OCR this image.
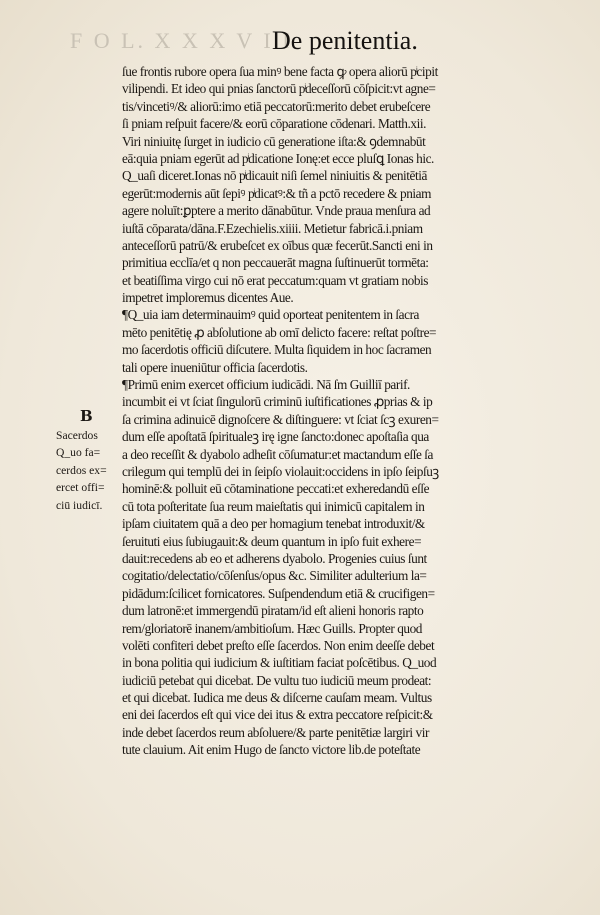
F O L. X X X V I I
De penitentia.
B
Sacerdos
Q_uo fa=
cerdos ex=
ercet offi=
ciū iudicī.
ſue frontis rubore opera ſua minꝰ bene facta ꝙ opera aliorū pͥcipit
vilipendi. Et ideo qui pnias ſanctorū pͥdeceſſorū cōſpicit:vt agne=
tis/vincetiꝰ/& aliorū:imo etiā peccatorū:merito debet erubeſcere
ſi pniam reſpuit facere/& eorū cōparatione cōdenari. Matth.xii.
Viri niniuitę ſurget in iudicio cū generatione iſta:& ꝯdemnabūt
eā:quia pniam egerūt ad pͥdicatione Ionę:et ecce pluſꝗ Ionas hic.
Q_uaſi diceret.Ionas nō pͥdicauit niſi ſemel niniuitis & penitētiā
egerūt:modernis aūt ſepiꝰ pͥdicatꝰ:& tñ a pctō recedere & pniam
agere noluīt:ꝑptere a merito dānabūtur. Vnde praua menſura ad
iuſtā cōparata/dāna.F.Ezechielis.xiiii. Metietur fabricā.i.pniam
anteceſſorū patrū/& erubeſcet ex oībus quæ fecerūt.Sancti eni in
primitiua ecclīa/et q non peccauerāt magna ſuſtinuerūt tormēta:
et beatiſſima virgo cui nō erat peccatum:quam vt gratiam nobis
impetret imploremus dicentes Aue.
¶Q_uia iam determinauimꝰ quid oporteat penitentem in ſacra
mēto penitētię ꝓ abſolutione ab omī delicto facere: reſtat poſtre=
mo ſacerdotis officiū diſcutere. Multa ſiquidem in hoc ſacramen
tali opere inueniūtur officia ſacerdotis.
¶Primū enim exercet officium iudicādi. Nā ſm Guilliī parif.
incumbit ei vt ſciat ſingulorū criminū iuſtificationes ꝓprias & ip
ſa crimina adinuicē dignoſcere & diſtinguere: vt ſciat ſcꝫ exuren=
dum eſſe apoſtatā ſpiritualeꝫ irę igne ſancto:donec apoſtaſia qua
a deo receſſit & dyabolo adheſit cōſumatur:et mactandum eſſe ſa
crilegum qui templū dei in ſeipſo violauit:occidens in ipſo ſeipſuꝫ
hominē:& polluit eū cōtaminatione peccati:et exheredandū eſſe
cū tota poſteritate ſua reum maieſtatis qui inimicū capitalem in
ipſam ciuitatem quā a deo per homagium tenebat introduxit/&
ſeruituti eius ſubiugauit:& deum quantum in ipſo fuit exhere=
dauit:recedens ab eo et adherens dyabolo. Progenies cuius ſunt
cogitatio/delectatio/cōſenſus/opus &c. Similiter adulterium la=
pidādum:ſcilicet fornicatores. Suſpendendum etiā & crucifigen=
dum latronē:et immergendū piratam/id eſt alieni honoris rapto
rem/gloriatorē inanem/ambitioſum. Hæc Guills. Propter quod
volēti confiteri debet preſto eſſe ſacerdos. Non enim deeſſe debet
in bona politia qui iudicium & iuſtitiam faciat poſcētibus. Q_uod
iudiciū petebat qui dicebat. De vultu tuo iudiciū meum prodeat:
et qui dicebat. Iudica me deus & diſcerne cauſam meam. Vultus
eni dei ſacerdos eſt qui vice dei itus & extra peccatore reſpicit:&
inde debet ſacerdos reum abſoluere/& parte penitētiæ largiri vir
tute clauium. Ait enim Hugo de ſancto victore lib.de poteſtate
